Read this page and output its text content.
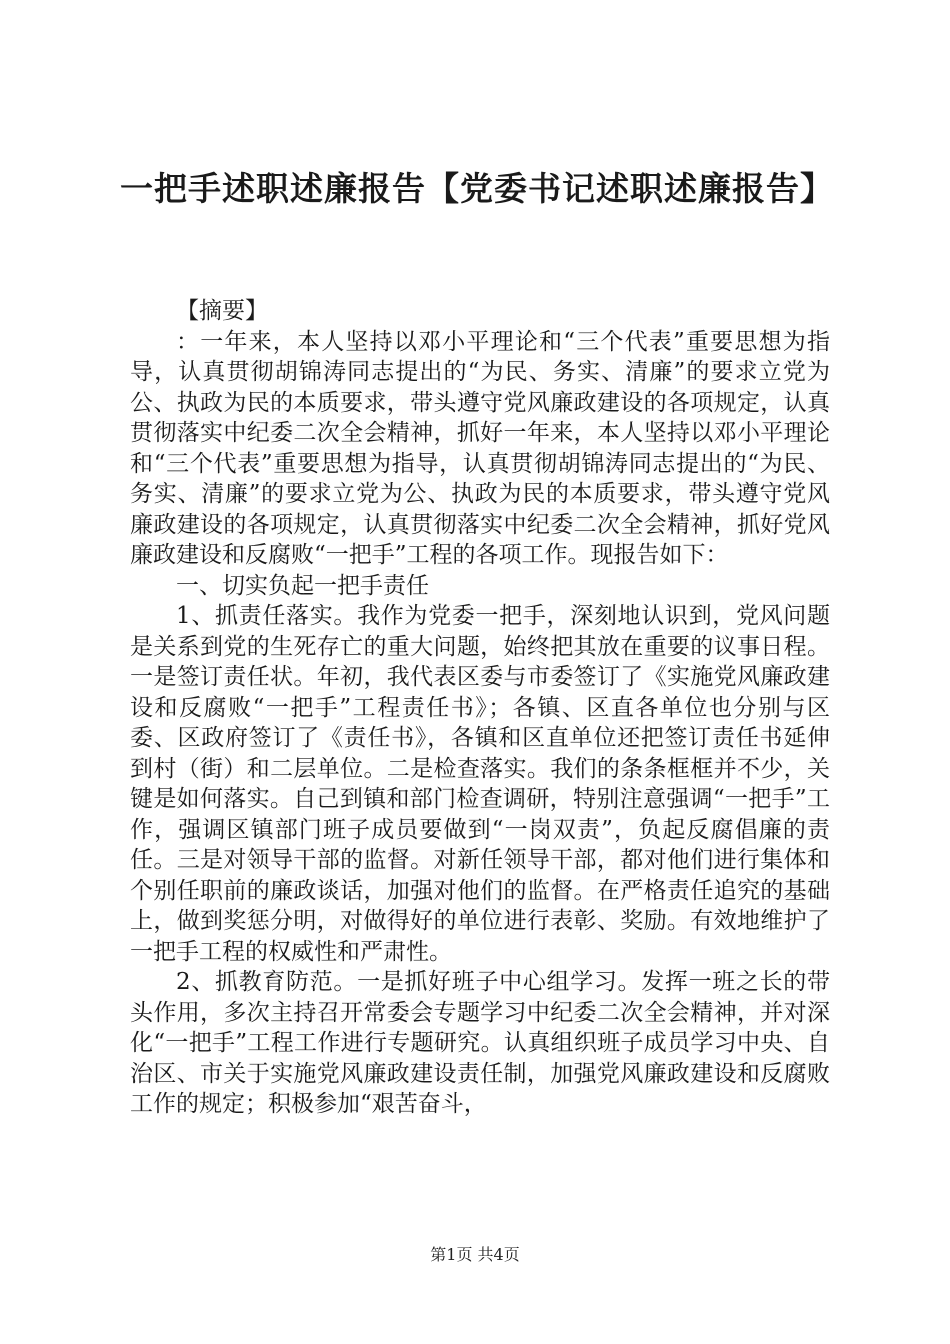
一把手述职述廉报告【党委书记述职述廉报告】

【摘要】

：一年来，本人坚持以邓小平理论和“三个代表”重要思想为指导，认真贯彻胡锦涛同志提出的“为民、务实、清廉”的要求立党为公、执政为民的本质要求，带头遵守党风廉政建设的各项规定，认真贯彻落实中纪委二次全会精神，抓好一年来，本人坚持以邓小平理论和“三个代表”重要思想为指导，认真贯彻胡锦涛同志提出的“为民、务实、清廉”的要求立党为公、执政为民的本质要求，带头遵守党风廉政建设的各项规定，认真贯彻落实中纪委二次全会精神，抓好党风廉政建设和反腐败“一把手”工程的各项工作。现报告如下：

一、切实负起一把手责任

1、抓责任落实。我作为党委一把手，深刻地认识到，党风问题是关系到党的生死存亡的重大问题，始终把其放在重要的议事日程。一是签订责任状。年初，我代表区委与市委签订了《实施党风廉政建设和反腐败“一把手”工程责任书》；各镇、区直各单位也分别与区委、区政府签订了《责任书》，各镇和区直单位还把签订责任书延伸到村（街）和二层单位。二是检查落实。我们的条条框框并不少，关键是如何落实。自己到镇和部门检查调研，特别注意强调“一把手”工作，强调区镇部门班子成员要做到“一岗双责”，负起反腐倡廉的责任。三是对领导干部的监督。对新任领导干部，都对他们进行集体和个别任职前的廉政谈话，加强对他们的监督。在严格责任追究的基础上，做到奖惩分明，对做得好的单位进行表彰、奖励。有效地维护了一把手工程的权威性和严肃性。

2、抓教育防范。一是抓好班子中心组学习。发挥一班之长的带头作用，多次主持召开常委会专题学习中纪委二次全会精神，并对深化“一把手”工程工作进行专题研究。认真组织班子成员学习中央、自治区、市关于实施党风廉政建设责任制，加强党风廉政建设和反腐败工作的规定；积极参加“艰苦奋斗，

第1页 共4页
